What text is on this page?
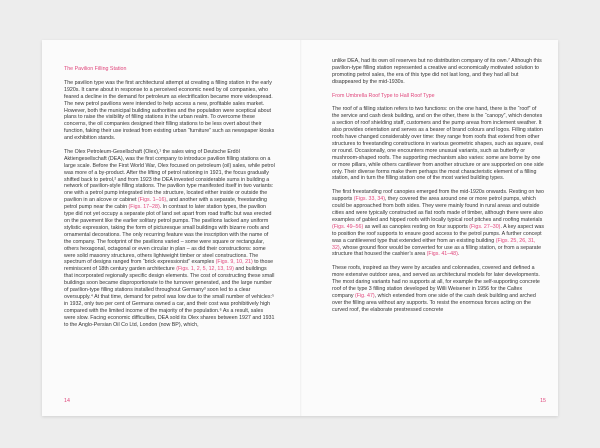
The Pavilion Filling Station

The pavilion type was the first architectural attempt at creating a filling station in the early 1920s. It came about in response to a perceived economic need by oil companies, who feared a decline in the demand for petroleum as electrification became more widespread. The new petrol pavilions were intended to help access a new, profitable sales market. However, both the municipal building authorities and the population were sceptical about plans to raise the visibility of filling stations in the urban realm. To overcome these concerns, the oil companies designed their filling stations to be less overt about their function, faking their use instead from existing urban “furniture” such as newspaper kiosks and exhibition stands.

The Olex Petroleum-Gesellschaft (Olex),¹ the sales wing of Deutsche Erdöl Aktiengesellschaft (DEA), was the first company to introduce pavilion filling stations on a large scale. Before the First World War, Olex focused on petroleum (oil) sales, while petrol was more of a by-product. After the lifting of petrol rationing in 1921, the focus gradually shifted back to petrol,² and from 1923 the DEA invested considerable sums in building a network of pavilion-style filling stations. The pavilion type manifested itself in two variants: one with a petrol pump integrated into the structure, located either inside or outside the pavilion in an alcove or cabinet (Figs. 1–16), and another with a separate, freestanding petrol pump near the cabin (Figs. 17–28). In contrast to later station types, the pavilion type did not yet occupy a separate plot of land set apart from road traffic but was erected on the pavement like the earlier solitary petrol pumps. The pavilions lacked any uniform stylistic expression, taking the form of picturesque small buildings with bizarre roofs and ornamental decorations. The only recurring feature was the inscription with the name of the company. The footprint of the pavilions varied – some were square or rectangular, others hexagonal, octagonal or even circular in plan – as did their constructions: some were solid masonry structures, others lightweight timber or steel constructions. The spectrum of designs ranged from “brick expressionist” examples (Figs. 9, 10, 21) to those reminiscent of 18th century garden architecture (Figs. 1, 2, 5, 12, 13, 19) and buildings that incorporated regionally specific design elements. The cost of constructing these small buildings soon became disproportionate to the turnover generated, and the large number of pavilion-type filling stations installed throughout Germany³ soon led to a clear oversupply.⁴ At that time, demand for petrol was low due to the small number of vehicles:⁵ in 1932, only two per cent of Germans owned a car, and their cost was prohibitively high compared with the limited income of the majority of the population.⁶ As a result, sales were slow. Facing economic difficulties, DEA sold its Olex shares between 1927 and 1931 to the Anglo-Persian Oil Co Ltd, London (now BP), which,

14

unlike DEA, had its own oil reserves but no distribution company of its own.⁷ Although this pavilion-type filling station represented a creative and economically motivated solution to promoting petrol sales, the era of this type did not last long, and they had all but disappeared by the mid-1930s.

From Umbrella Roof Type to Hall Roof Type

The roof of a filling station refers to two functions: on the one hand, there is the “roof” of the service and cash desk building, and on the other, there is the “canopy”, which denotes a section of roof shielding staff, customers and the pump areas from inclement weather. It also provides orientation and serves as a bearer of brand colours and logos. Filling station roofs have changed considerably over time: they range from roofs that extend from other structures to freestanding constructions in various geometric shapes, such as square, oval or round. Occasionally, one encounters more unusual variants, such as butterfly or mushroom-shaped roofs. The supporting mechanism also varies: some are borne by one or more pillars, while others cantilever from another structure or are supported on one side only. Their diverse forms make them perhaps the most characteristic element of a filling station, and in turn the filling station one of the most varied building types.

The first freestanding roof canopies emerged from the mid-1920s onwards. Resting on two supports (Figs. 33, 34), they covered the area around one or more petrol pumps, which could be approached from both sides. They were mainly found in rural areas and outside cities and were typically constructed as flat roofs made of timber, although there were also examples of gabled and hipped roofs with locally typical roof pitches and roofing materials (Figs. 49–56) as well as canopies resting on four supports (Figs. 27–30). A key aspect was to position the roof supports to ensure good access to the petrol pumps. A further concept was a cantilevered type that extended either from an existing building (Figs. 25, 26, 31, 32), whose ground floor would be converted for use as a filling station, or from a separate structure that housed the cashier’s area (Figs. 41–48).

These roofs, inspired as they were by arcades and colonnades, covered and defined a more extensive outdoor area, and served as architectural models for later developments. The most daring variants had no supports at all, for example the self-supporting concrete roof of the type 3 filling station developed by Willi Weisener in 1956 for the Caltex company (Fig. 47), which extended from one side of the cash desk building and arched over the filling area without any supports. To resist the enormous forces acting on the curved roof, the elaborate prestressed concrete

15
